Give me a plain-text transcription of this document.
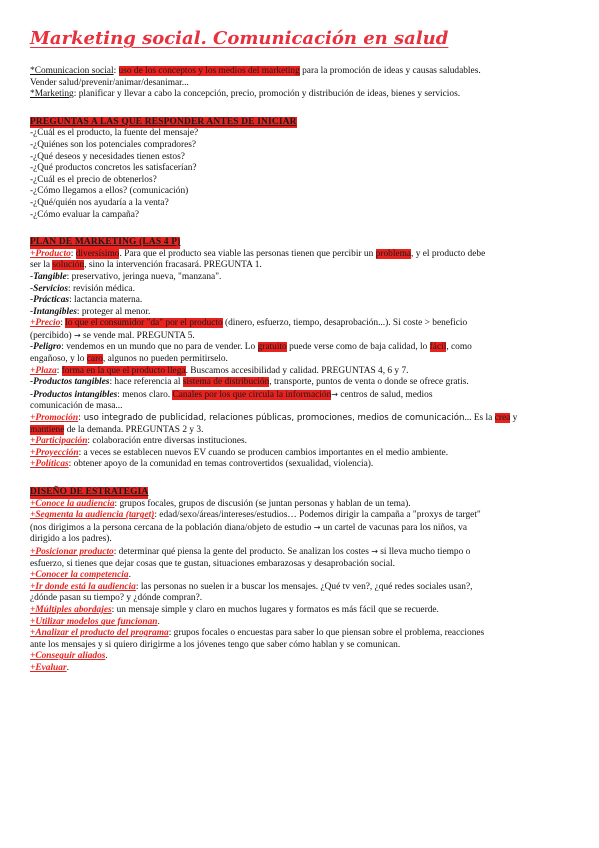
Marketing social. Comunicación en salud

*Comunicacion social: uso de los conceptos y los medios del marketing para la promoción de ideas y causas saludables.

Vender salud/prevenir/animar/desanimar...

*Marketing: planificar y llevar a cabo la concepción, precio, promoción y distribución de ideas, bienes y servicios.

PREGUNTAS A LAS QUE RESPONDER ANTES DE INICIAR

-¿Cuál es el producto, la fuente del mensaje?

-¿Quiénes son los potenciales compradores?

-¿Qué deseos y necesidades tienen estos?

-¿Qué productos concretos les satisfacerían?

-¿Cuál es el precio de obtenerlos?

-¿Cómo llegamos a ellos? (comunicación)

-¿Qué/quién nos ayudaría a la venta?

-¿Cómo evaluar la campaña?

PLAN DE MARKETING (LAS 4 P)

+Producto: diversísimo. Para que el producto sea viable las personas tienen que percibir un problema, y el producto debe

ser la solución, sino la intervención fracasará. PREGUNTA 1.

-Tangible: preservativo, jeringa nueva, "manzana".

-Servicios: revisión médica.

-Prácticas: lactancia materna.

-Intangibles: proteger al menor.

+Precio: lo que el consumidor "da" por el producto (dinero, esfuerzo, tiempo, desaprobación...). Si coste > beneficio

(percibido) → se vende mal. PREGUNTA 5.

-Peligro: vendemos en un mundo que no para de vender. Lo gratuito puede verse como de baja calidad, lo fácil, como

engañoso, y lo caro, algunos no pueden permitirselo.

+Plaza: forma en la que el producto llega. Buscamos accesibilidad y calidad. PREGUNTAS 4, 6 y 7.

-Productos tangibles: hace referencia al sistema de distribución, transporte, puntos de venta o donde se ofrece gratis.

-Productos intangibles: menos claro. Canales por los que circula la información→ centros de salud, medios

comunicación de masa...

+Promoción: uso integrado de publicidad, relaciones públicas, promociones, medios de comunicación... Es la crea y

mantiene de la demanda. PREGUNTAS 2 y 3.

+Participación: colaboración entre diversas instituciones.

+Proyección: a veces se establecen nuevos EV cuando se producen cambios importantes en el medio ambiente.

+Políticas: obtener apoyo de la comunidad en temas controvertidos (sexualidad, violencia).

DISEÑO DE ESTRATEGIA

+Conoce la audiencia: grupos focales, grupos de discusión (se juntan personas y hablan de un tema).

+Segmenta la audiencia (target): edad/sexo/áreas/intereses/estudios… Podemos dirigir la campaña a "proxys de target"

(nos dirigimos a la persona cercana de la población diana/objeto de estudio → un cartel de vacunas para los niños, va

dirigido a los padres).

+Posicionar producto: determinar qué piensa la gente del producto. Se analizan los costes → si lleva mucho tiempo o

esfuerzo, si tienes que dejar cosas que te gustan, situaciones embarazosas y desaprobación social.

+Conocer la competencia.

+Ir donde está la audiencia: las personas no suelen ir a buscar los mensajes. ¿Qué tv ven?, ¿qué redes sociales usan?,

¿dónde pasan su tiempo? y ¿dónde compran?.

+Múltiples abordajes: un mensaje simple y claro en muchos lugares y formatos es más fácil que se recuerde.

+Utilizar modelos que funcionan.

+Analizar el producto del programa: grupos focales o encuestas para saber lo que piensan sobre el problema, reacciones

ante los mensajes y si quiero dirigirme a los jóvenes tengo que saber cómo hablan y se comunican.

+Conseguir aliados.

+Evaluar.
